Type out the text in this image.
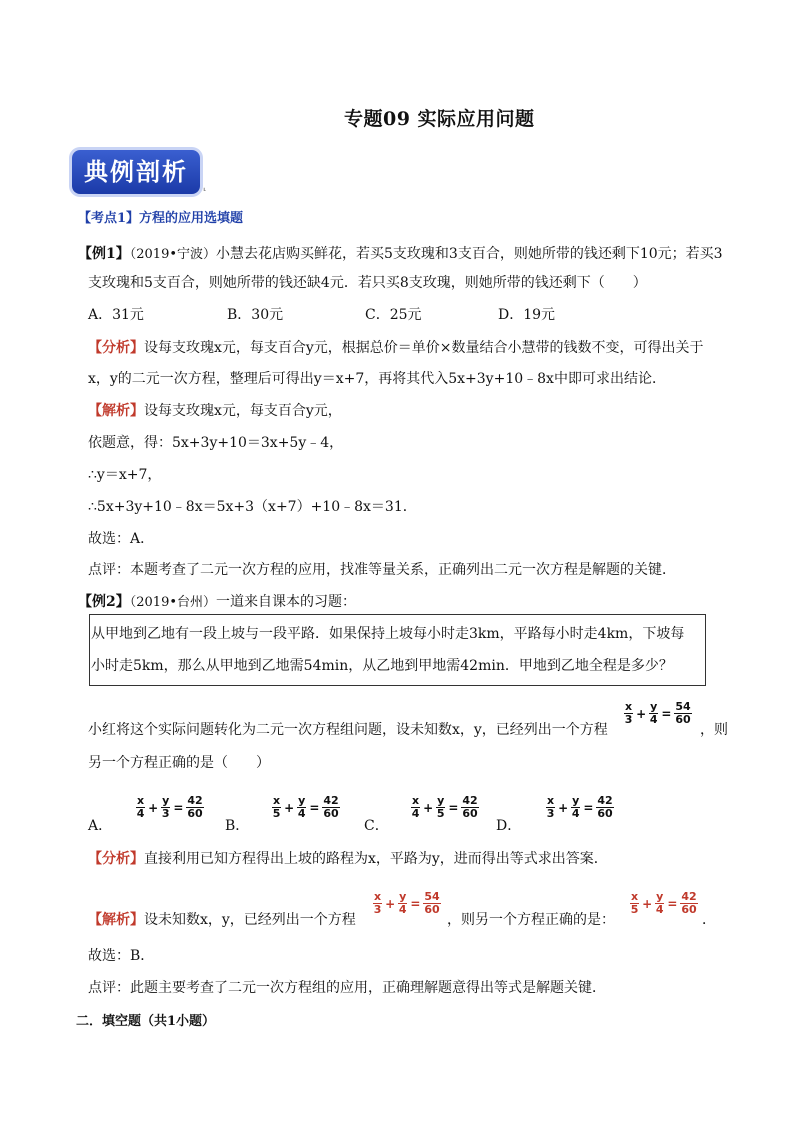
专题09 实际应用问题
典例剖析
⸤
【考点1】方程的应用选填题
【例1】（2019•宁波）小慧去花店购买鲜花，若买5支玫瑰和3支百合，则她所带的钱还剩下10元；若买3
支玫瑰和5支百合，则她所带的钱还缺4元．若只买8支玫瑰，则她所带的钱还剩下（　　）
A．31元	B．30元	C．25元	D．19元
【分析】设每支玫瑰x元，每支百合y元，根据总价＝单价×数量结合小慧带的钱数不变，可得出关于
x，y的二元一次方程，整理后可得出y＝x+7，再将其代入5x+3y+10﹣8x中即可求出结论．
【解析】设每支玫瑰x元，每支百合y元，
依题意，得：5x+3y+10＝3x+5y﹣4，
∴y＝x+7，
∴5x+3y+10﹣8x＝5x+3（x+7）+10﹣8x＝31．
故选：A．
点评：本题考查了二元一次方程的应用，找准等量关系，正确列出二元一次方程是解题的关键．
【例2】（2019•台州）一道来自课本的习题：
从甲地到乙地有一段上坡与一段平路．如果保持上坡每小时走3km，平路每小时走4km，下坡每
小时走5km，那么从甲地到乙地需54min，从乙地到甲地需42min．甲地到乙地全程是多少？
小红将这个实际问题转化为二元一次方程组问题，设未知数x，y，已经列出一个方程
$\frac{x}{3} + \frac{y}{4} = \frac{54}{60}$
，则
另一个方程正确的是（　　）
A．
$\frac{x}{4} + \frac{y}{3} = \frac{42}{60}$
B．
$\frac{x}{5} + \frac{y}{4} = \frac{42}{60}$
C．
$\frac{x}{4} + \frac{y}{5} = \frac{42}{60}$
D．
$\frac{x}{3} + \frac{y}{4} = \frac{42}{60}$
【分析】直接利用已知方程得出上坡的路程为x，平路为y，进而得出等式求出答案．
【解析】设未知数x，y，已经列出一个方程
$\frac{x}{3} + \frac{y}{4} = \frac{54}{60}$
，则另一个方程正确的是：
$\frac{x}{5} + \frac{y}{4} = \frac{42}{60}$
．
故选：B．
点评：此题主要考查了二元一次方程组的应用，正确理解题意得出等式是解题关键．
二．填空题（共1小题）
